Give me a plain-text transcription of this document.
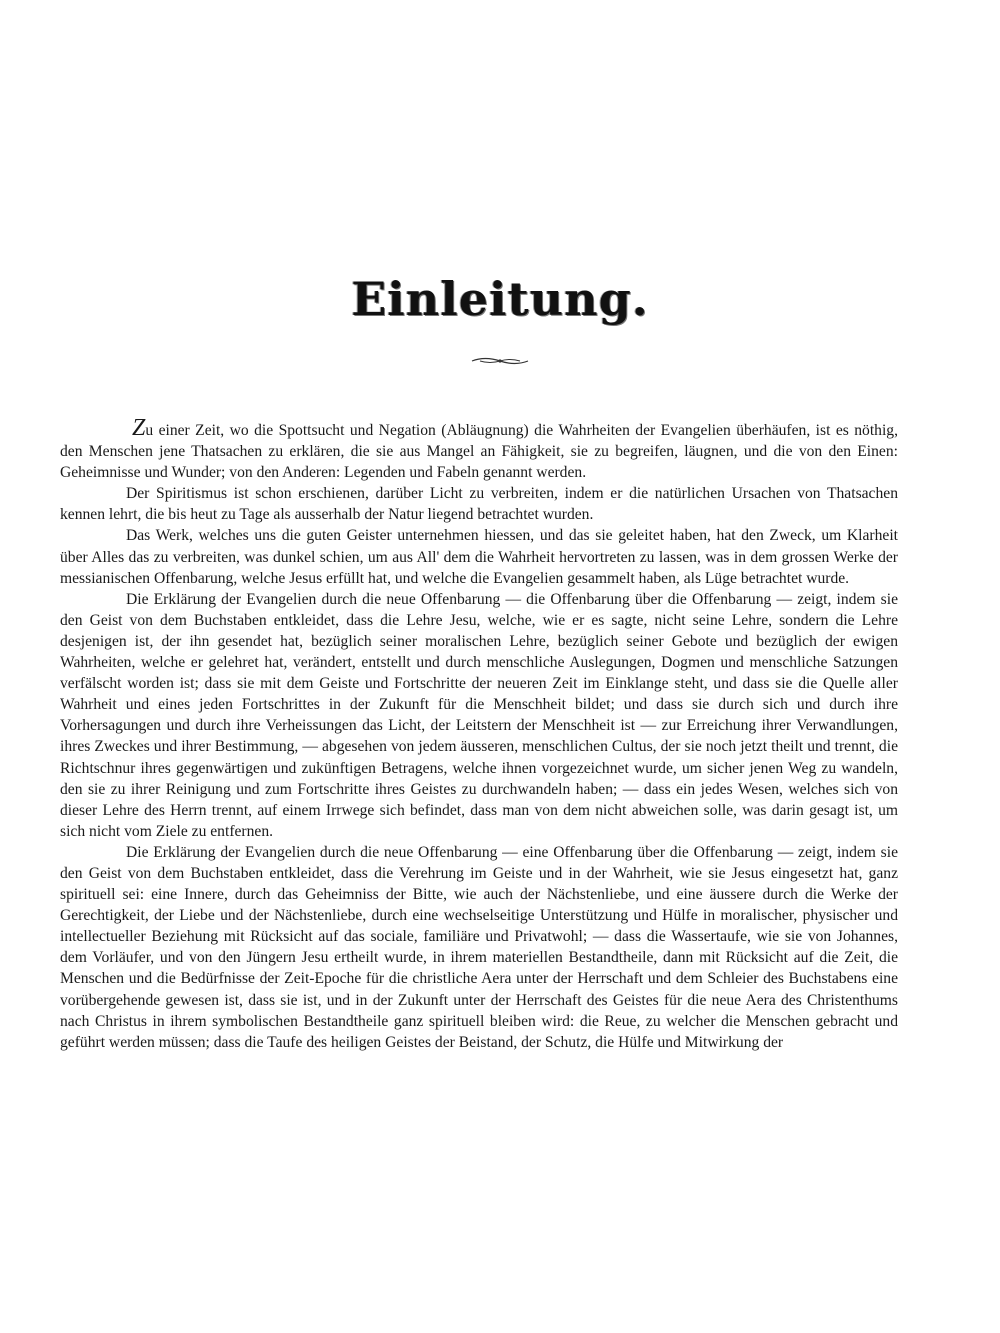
Einleitung.

Zu einer Zeit, wo die Spottsucht und Negation (Abläugnung) die Wahrheiten der Evangelien überhäufen, ist es nöthig, den Menschen jene Thatsachen zu erklären, die sie aus Mangel an Fähigkeit, sie zu begreifen, läugnen, und die von den Einen: Geheimnisse und Wunder; von den Anderen: Legenden und Fabeln genannt werden.

Der Spiritismus ist schon erschienen, darüber Licht zu verbreiten, indem er die natürlichen Ursachen von Thatsachen kennen lehrt, die bis heut zu Tage als ausserhalb der Natur liegend betrachtet wurden.

Das Werk, welches uns die guten Geister unternehmen hiessen, und das sie geleitet haben, hat den Zweck, um Klarheit über Alles das zu verbreiten, was dunkel schien, um aus All' dem die Wahrheit hervortreten zu lassen, was in dem grossen Werke der messianischen Offenbarung, welche Jesus erfüllt hat, und welche die Evangelien gesammelt haben, als Lüge betrachtet wurde.

Die Erklärung der Evangelien durch die neue Offenbarung — die Offenbarung über die Offenbarung — zeigt, indem sie den Geist von dem Buchstaben entkleidet, dass die Lehre Jesu, welche, wie er es sagte, nicht seine Lehre, sondern die Lehre desjenigen ist, der ihn gesendet hat, bezüglich seiner moralischen Lehre, bezüglich seiner Gebote und bezüglich der ewigen Wahrheiten, welche er gelehret hat, verändert, entstellt und durch menschliche Auslegungen, Dogmen und menschliche Satzungen verfälscht worden ist; dass sie mit dem Geiste und Fortschritte der neueren Zeit im Einklange steht, und dass sie die Quelle aller Wahrheit und eines jeden Fortschrittes in der Zukunft für die Menschheit bildet; und dass sie durch sich und durch ihre Vorhersagungen und durch ihre Verheissungen das Licht, der Leitstern der Menschheit ist — zur Erreichung ihrer Verwandlungen, ihres Zweckes und ihrer Bestimmung, — abgesehen von jedem äusseren, menschlichen Cultus, der sie noch jetzt theilt und trennt, die Richtschnur ihres gegenwärtigen und zukünftigen Betragens, welche ihnen vorgezeichnet wurde, um sicher jenen Weg zu wandeln, den sie zu ihrer Reinigung und zum Fortschritte ihres Geistes zu durchwandeln haben; — dass ein jedes Wesen, welches sich von dieser Lehre des Herrn trennt, auf einem Irrwege sich befindet, dass man von dem nicht abweichen solle, was darin gesagt ist, um sich nicht vom Ziele zu entfernen.

Die Erklärung der Evangelien durch die neue Offenbarung — eine Offenbarung über die Offenbarung — zeigt, indem sie den Geist von dem Buchstaben entkleidet, dass die Verehrung im Geiste und in der Wahrheit, wie sie Jesus eingesetzt hat, ganz spirituell sei: eine Innere, durch das Geheimniss der Bitte, wie auch der Nächstenliebe, und eine äussere durch die Werke der Gerechtigkeit, der Liebe und der Nächstenliebe, durch eine wechselseitige Unterstützung und Hülfe in moralischer, physischer und intellectueller Beziehung mit Rücksicht auf das sociale, familiäre und Privatwohl; — dass die Wassertaufe, wie sie von Johannes, dem Vorläufer, und von den Jüngern Jesu ertheilt wurde, in ihrem materiellen Bestandtheile, dann mit Rücksicht auf die Zeit, die Menschen und die Bedürfnisse der Zeit-Epoche für die christliche Aera unter der Herrschaft und dem Schleier des Buchstabens eine vorübergehende gewesen ist, dass sie ist, und in der Zukunft unter der Herrschaft des Geistes für die neue Aera des Christenthums nach Christus in ihrem symbolischen Bestandtheile ganz spirituell bleiben wird: die Reue, zu welcher die Menschen gebracht und geführt werden müssen; dass die Taufe des heiligen Geistes der Beistand, der Schutz, die Hülfe und Mitwirkung der
